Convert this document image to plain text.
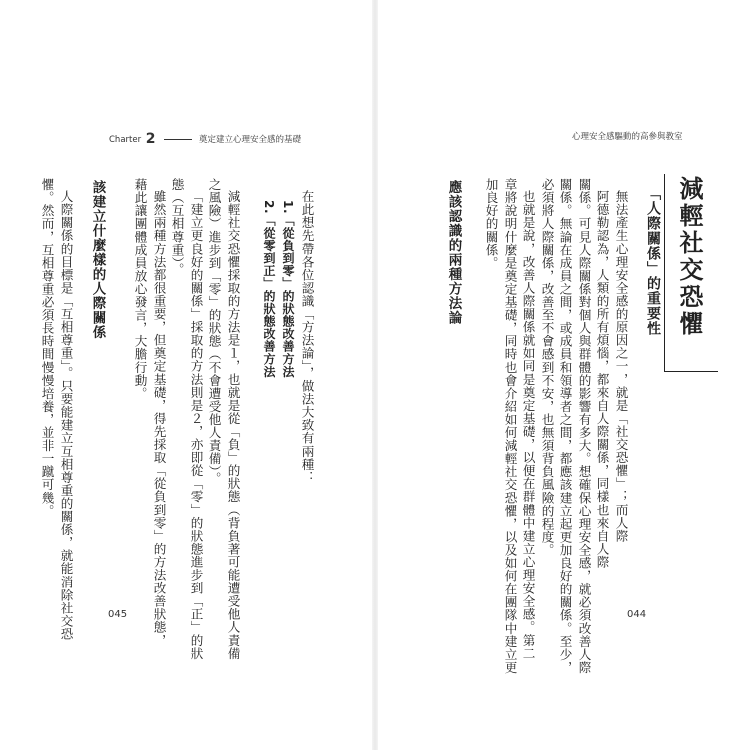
Charter 2	奠定建立心理安全感的基礎	心理安全感驅動的高參與教室
045	044
減輕社交恐懼
「人際關係」的重要性
無法產生心理安全感的原因之一，就是「社交恐懼」；而人際
阿德勒認為，人類的所有煩惱，都來自人際關係，同樣也來自人際
關係。可見人際關係對個人與群體的影響有多大。想確保心理安全感，就必須改善人際
關係。無論在成員之間，或成員和領導者之間，都應該建立起更加良好的關係。至少，
必須將人際關係，改善至不會感到不安，也無須背負風險的程度。
也就是說，改善人際關係就如同是奠定基礎，以便在群體中建立心理安全感。第二
章將說明什麼是奠定基礎，同時也會介紹如何減輕社交恐懼，以及如何在團隊中建立更
加良好的關係。
應該認識的兩種方法論
在此想先帶各位認識「方法論」，做法大致有兩種：
1.「從負到零」的狀態改善方法
2.「從零到正」的狀態改善方法
減輕社交恐懼採取的方法是１，也就是從「負」的狀態（背負著可能遭受他人責備
之風險）進步到「零」的狀態（不會遭受他人責備）。
「建立更良好的關係」採取的方法則是２，亦即從「零」的狀態進步到「正」的狀
態（互相尊重）。
雖然兩種方法都很重要，但奠定基礎，得先採取「從負到零」的方法改善狀態，
藉此讓團體成員放心發言，大膽行動。
該建立什麼樣的人際關係
人際關係的目標是「互相尊重」。只要能建立互相尊重的關係，就能消除社交恐
懼。然而，互相尊重必須長時間慢慢培養，並非一蹴可幾。
